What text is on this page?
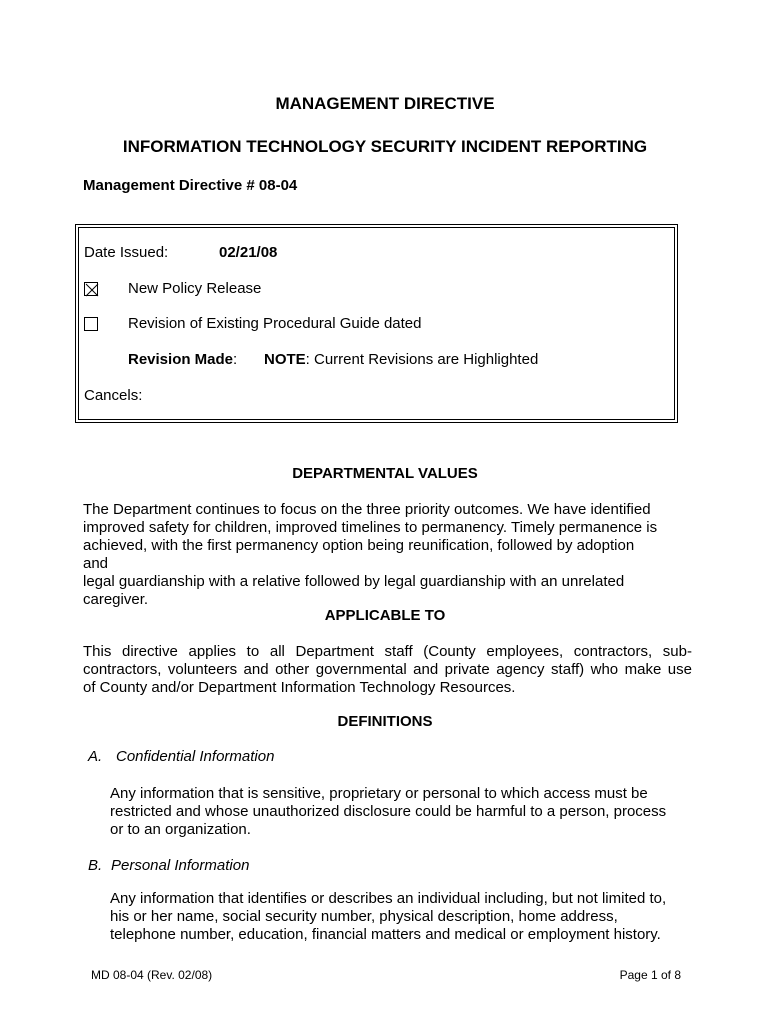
MANAGEMENT DIRECTIVE
INFORMATION TECHNOLOGY SECURITY INCIDENT REPORTING
Management Directive # 08-04
Date Issued:	02/21/08
New Policy Release
Revision of Existing Procedural Guide dated
Revision Made: NOTE: Current Revisions are Highlighted
Cancels:
DEPARTMENTAL VALUES
The Department continues to focus on the three priority outcomes. We have identified
improved safety for children, improved timelines to permanency. Timely permanence is
achieved, with the first permanency option being reunification, followed by adoption and
legal guardianship with a relative followed by legal guardianship with an unrelated
caregiver.
APPLICABLE TO
This directive applies to all Department staff (County employees, contractors, sub-
contractors, volunteers and other governmental and private agency staff) who make use
of County and/or Department Information Technology Resources.
DEFINITIONS
A. Confidential Information
Any information that is sensitive, proprietary or personal to which access must be
restricted and whose unauthorized disclosure could be harmful to a person, process
or to an organization.
B. Personal Information
Any information that identifies or describes an individual including, but not limited to,
his or her name, social security number, physical description, home address,
telephone number, education, financial matters and medical or employment history.
MD 08-04 (Rev. 02/08)	Page 1 of 8
